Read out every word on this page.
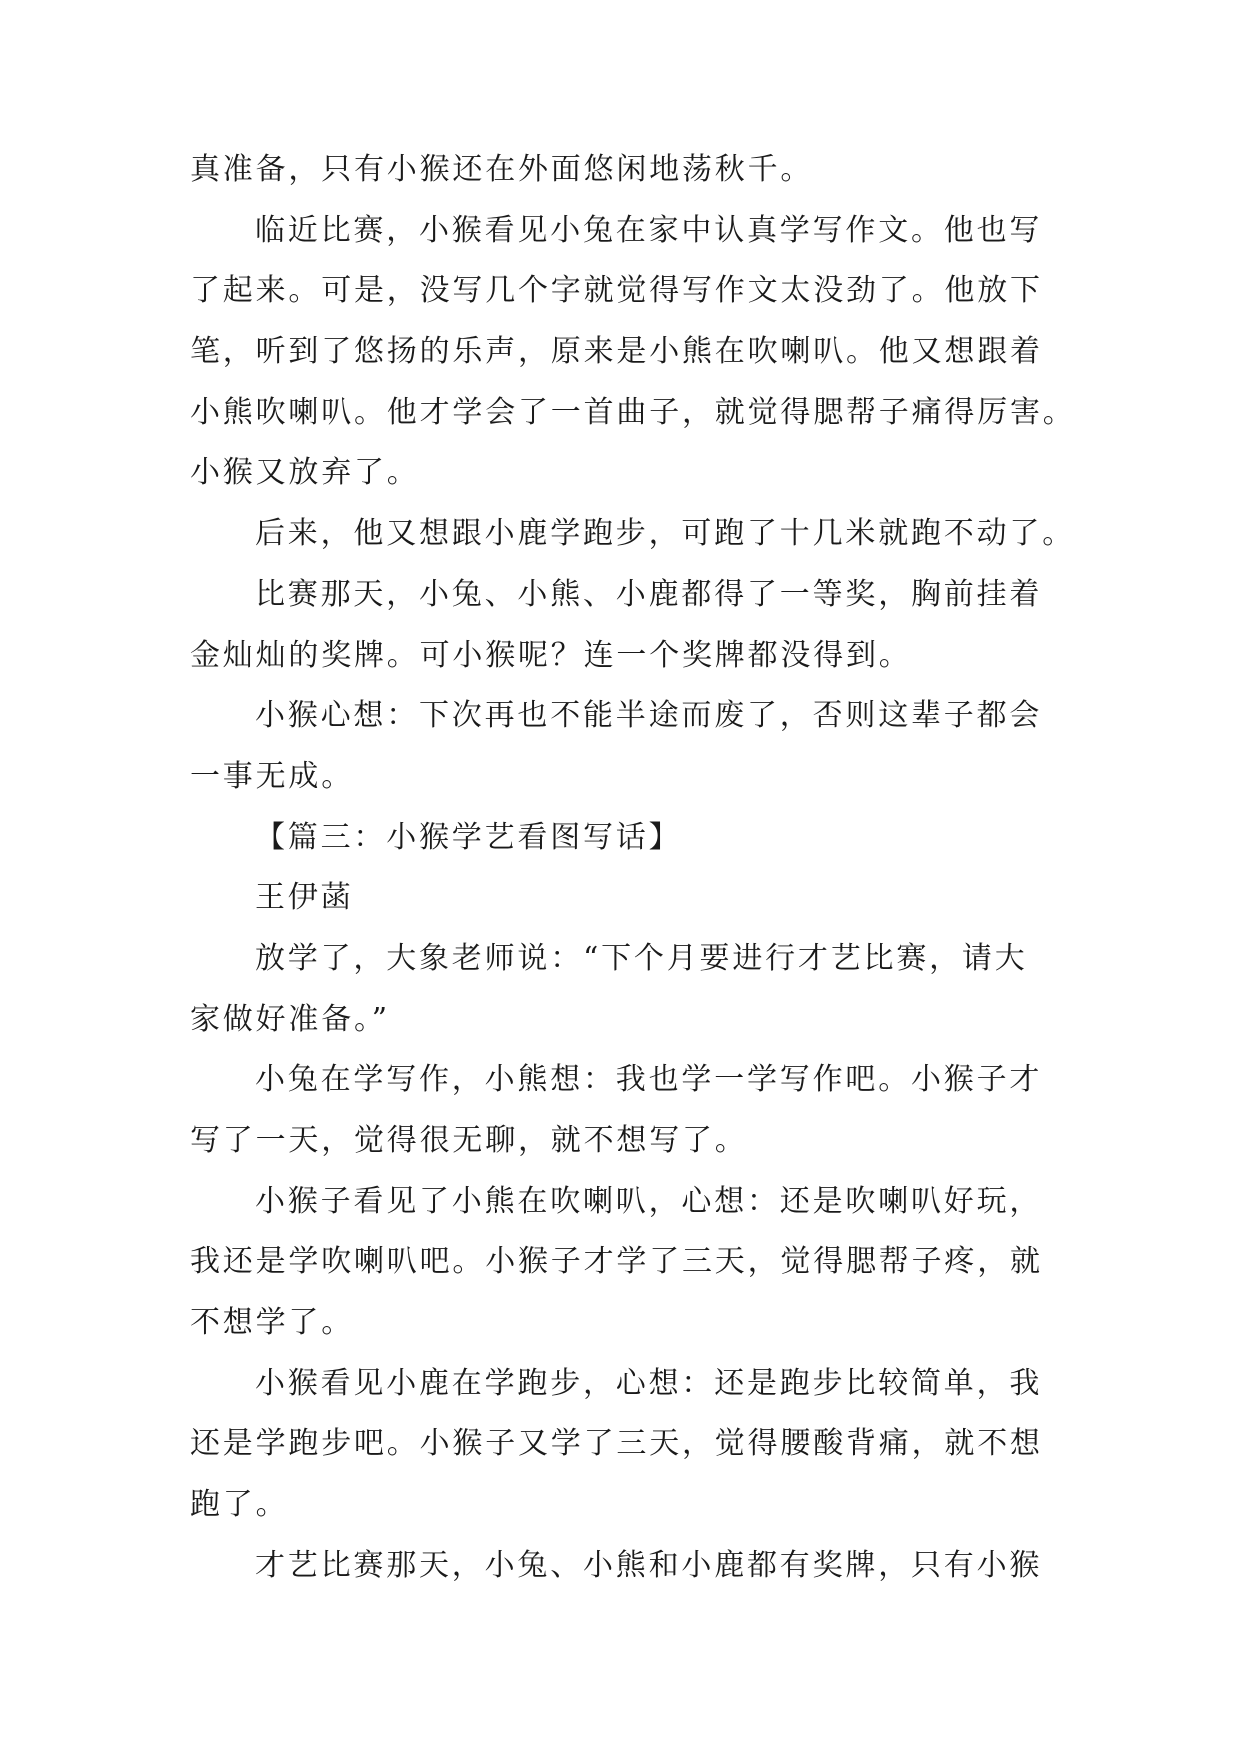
真准备，只有小猴还在外面悠闲地荡秋千。
临近比赛，小猴看见小兔在家中认真学写作文。他也写
了起来。可是，没写几个字就觉得写作文太没劲了。他放下
笔，听到了悠扬的乐声，原来是小熊在吹喇叭。他又想跟着
小熊吹喇叭。他才学会了一首曲子，就觉得腮帮子痛得厉害。
小猴又放弃了。
后来，他又想跟小鹿学跑步，可跑了十几米就跑不动了。
比赛那天，小兔、小熊、小鹿都得了一等奖，胸前挂着
金灿灿的奖牌。可小猴呢？连一个奖牌都没得到。
小猴心想：下次再也不能半途而废了，否则这辈子都会
一事无成。
【篇三：小猴学艺看图写话】
王伊菡
放学了，大象老师说：“下个月要进行才艺比赛，请大
家做好准备。”
小兔在学写作，小熊想：我也学一学写作吧。小猴子才
写了一天，觉得很无聊，就不想写了。
小猴子看见了小熊在吹喇叭，心想：还是吹喇叭好玩，
我还是学吹喇叭吧。小猴子才学了三天，觉得腮帮子疼，就
不想学了。
小猴看见小鹿在学跑步，心想：还是跑步比较简单，我
还是学跑步吧。小猴子又学了三天，觉得腰酸背痛，就不想
跑了。
才艺比赛那天，小兔、小熊和小鹿都有奖牌，只有小猴
